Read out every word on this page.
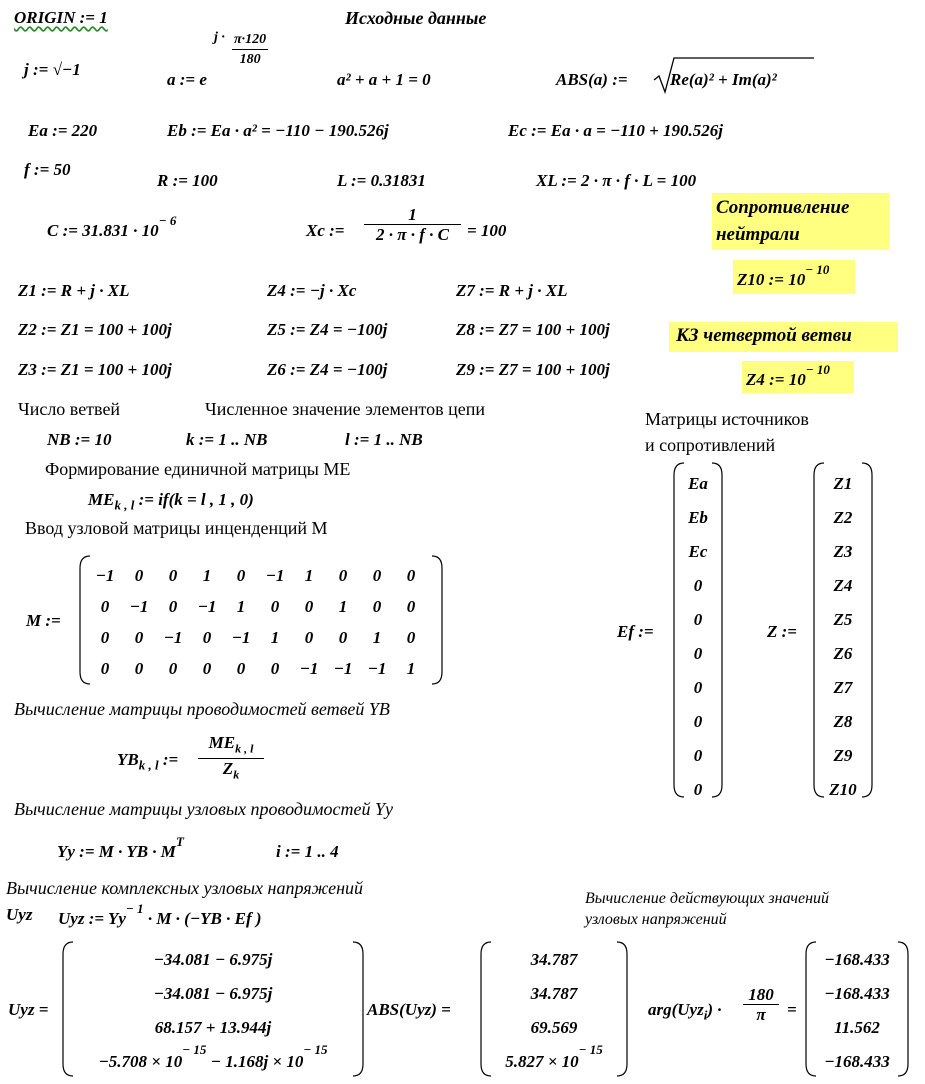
ORIGIN := 1	Исходные данные
j := √−1
a := e
$j \cdot \frac{\pi\cdot 120}{180}$
a² + a + 1 = 0	ABS(a) := Re(a)² + Im(a)²
Ea := 220	Eb := Ea · a² = −110 − 190.526j	Ec := Ea · a = −110 + 190.526j
f := 50
R := 100	L := 0.31831	XL := 2 · π · f · L = 100
C := $31.831 \cdot 10^{- 6}$
Xc := $\frac{1}{2 \cdot \pi \cdot f \cdot C} = 100$
Сопротивление
нейтрали
Z10 := $10^{- 10}$
Z1 := R + j · XL	Z4 := −j · Xc	Z7 := R + j · XL
Z2 := Z1 = 100 + 100j	Z5 := Z4 = −100j	Z8 := Z7 = 100 + 100j
Z3 := Z1 = 100 + 100j	Z6 := Z4 = −100j	Z9 := Z7 = 100 + 100j
КЗ четвертой ветви
Z4 := $10^{- 10}$
Число ветвей	Численное значение элементов цепи
NB := 10	k := 1 .. NB	l := 1 .. NB
Формирование единичной матрицы МЕ
$ME_{k , l}$ := if(k = l , 1 , 0)
Ввод узловой матрицы инценденций М
M :=
−1	0	0	1	0	−1	1	0	0	0
0	−1	0	−1	1	0	0	1	0	0
0	0	−1	0	−1	1	0	0	1	0
0	0	0	0	0	0	−1	−1	−1	1
Матрицы источников
и сопротивлений
Ef :=
Ea
Eb
Ec
0
0
0
0
0
0
0
Z :=
Z1
Z2
Z3
Z4
Z5
Z6
Z7
Z8
Z9
Z10
Вычисление матрицы проводимостей ветвей YB
$YB_{k , l}$ :=
$ME_{k , l}$
$Z_k$
Вычисление матрицы узловых проводимостей Yy
Yy := M · YB · $M^T$
i := 1 .. 4
Вычисление комплексных узловых напряжений
Uyz Uyz := $Yy^{- 1} \cdot M \cdot (-YB \cdot Ef$ )
Вычисление действующих значений
узловых напряжений
Uyz =
−34.081 − 6.975j
−34.081 − 6.975j
68.157 + 13.944j
$-5.708 \times 10^{- 15} - 1.168j \times 10^{- 15}$
ABS(Uyz) =
34.787
34.787
69.569
$5.827 \times 10^{- 15}$
$arg(Uyz_i) \cdot \frac{180}{\pi}$ =
−168.433
−168.433
11.562
−168.433
